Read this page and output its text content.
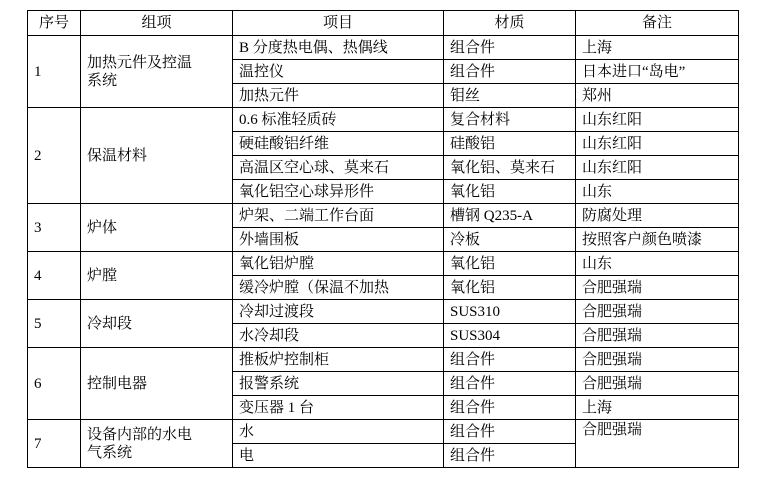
序号	组项	项目	材质	备注
1	加热元件及控温系统	B 分度热电偶、热偶线	组合件	上海
		温控仪	组合件	日本进口“岛电”
		加热元件	钼丝	郑州
2	保温材料	0.6 标准轻质砖	复合材料	山东红阳
		硬硅酸铝纤维	硅酸铝	山东红阳
		高温区空心球、莫来石	氧化铝、莫来石	山东红阳
		氧化铝空心球异形件	氧化铝	山东
3	炉体	炉架、二端工作台面	槽钢 Q235-A	防腐处理
		外墙围板	冷板	按照客户颜色喷漆
4	炉膛	氧化铝炉膛	氧化铝	山东
		缓冷炉膛（保温不加热	氧化铝	合肥强瑞
5	冷却段	冷却过渡段	SUS310	合肥强瑞
		水冷却段	SUS304	合肥强瑞
6	控制电器	推板炉控制柜	组合件	合肥强瑞
		报警系统	组合件	合肥强瑞
		变压器 1 台	组合件	上海
7	设备内部的水电气系统	水	组合件	合肥强瑞
		电	组合件	
